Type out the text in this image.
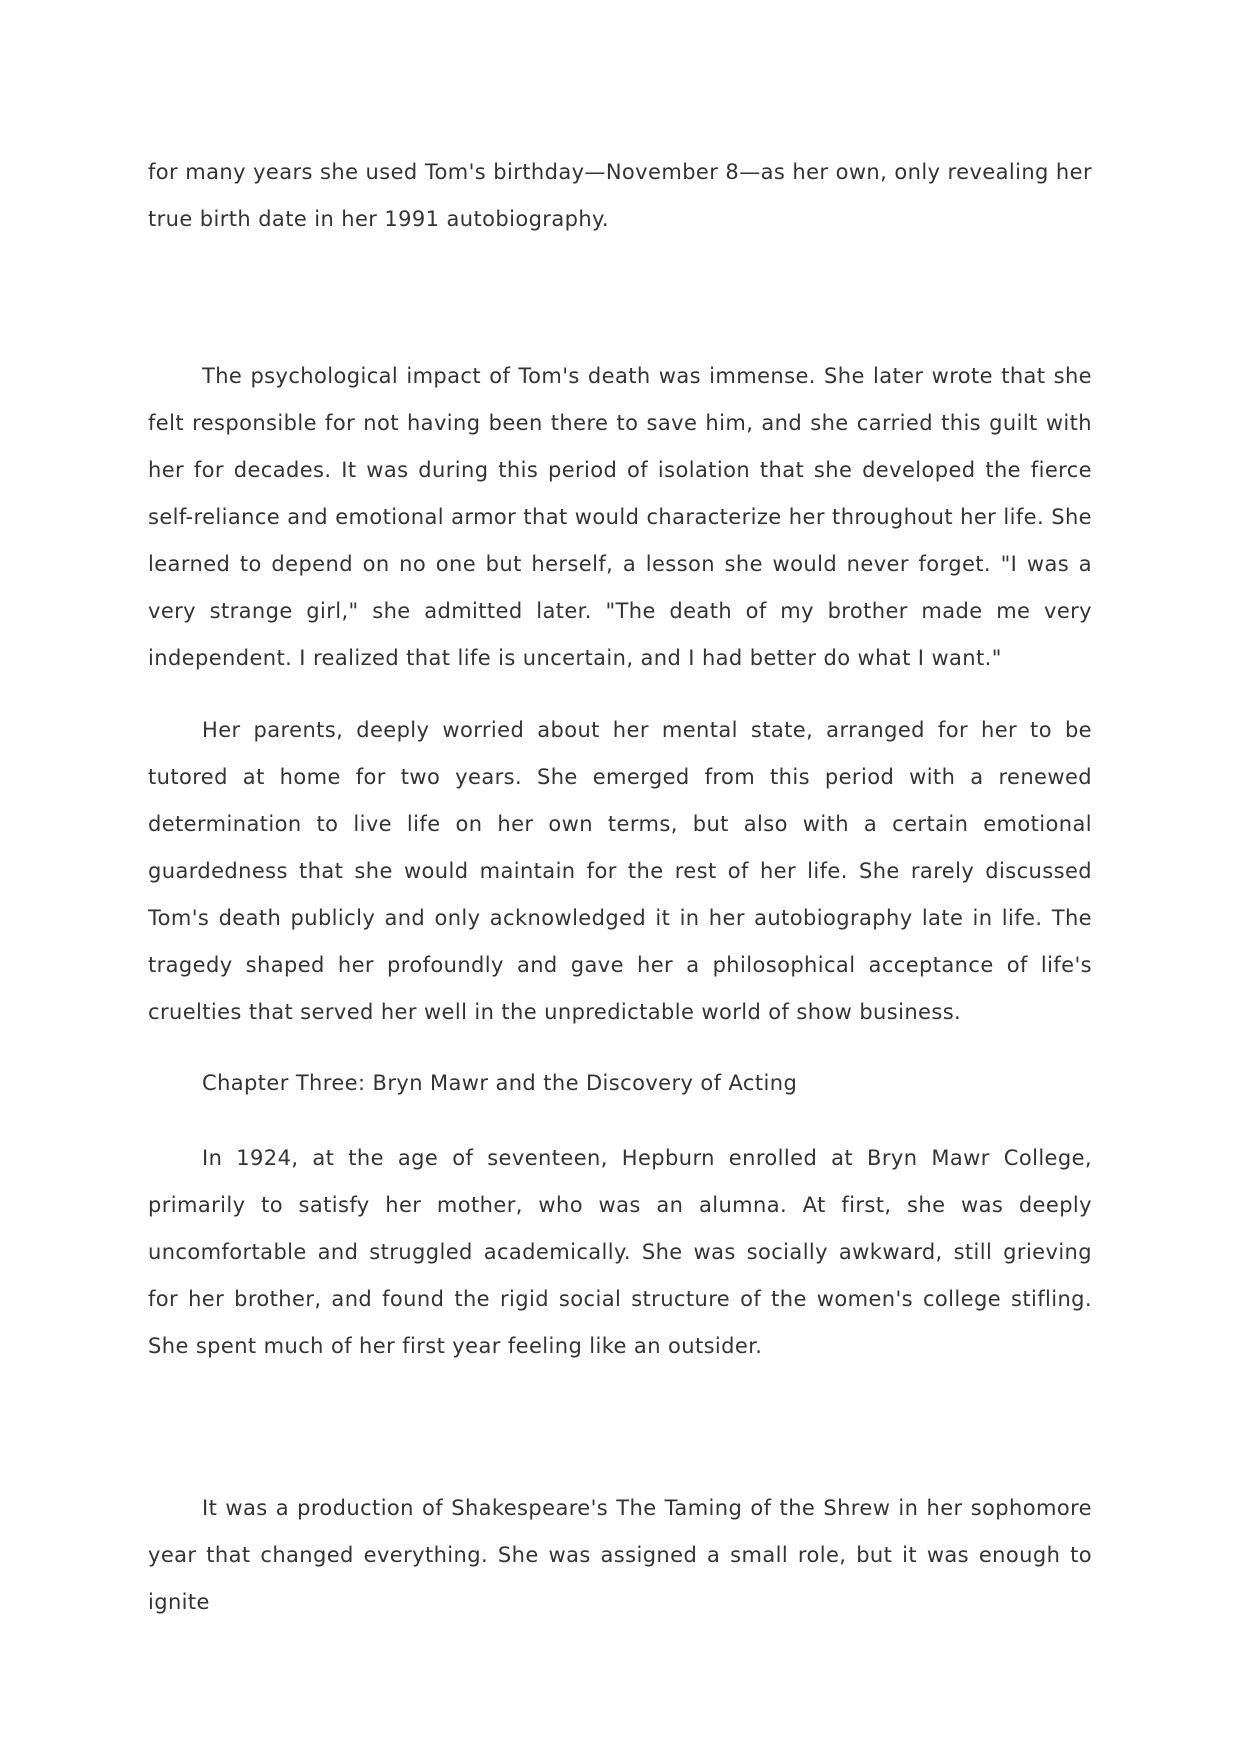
for many years she used Tom's birthday—November 8—as her own, only revealing her true birth date in her 1991 autobiography.

The psychological impact of Tom's death was immense. She later wrote that she felt responsible for not having been there to save him, and she carried this guilt with her for decades. It was during this period of isolation that she developed the fierce self-reliance and emotional armor that would characterize her throughout her life. She learned to depend on no one but herself, a lesson she would never forget. "I was a very strange girl," she admitted later. "The death of my brother made me very independent. I realized that life is uncertain, and I had better do what I want."

Her parents, deeply worried about her mental state, arranged for her to be tutored at home for two years. She emerged from this period with a renewed determination to live life on her own terms, but also with a certain emotional guardedness that she would maintain for the rest of her life. She rarely discussed Tom's death publicly and only acknowledged it in her autobiography late in life. The tragedy shaped her profoundly and gave her a philosophical acceptance of life's cruelties that served her well in the unpredictable world of show business.

Chapter Three: Bryn Mawr and the Discovery of Acting

In 1924, at the age of seventeen, Hepburn enrolled at Bryn Mawr College, primarily to satisfy her mother, who was an alumna. At first, she was deeply uncomfortable and struggled academically. She was socially awkward, still grieving for her brother, and found the rigid social structure of the women's college stifling. She spent much of her first year feeling like an outsider.

It was a production of Shakespeare's The Taming of the Shrew in her sophomore year that changed everything. She was assigned a small role, but it was enough to ignite
